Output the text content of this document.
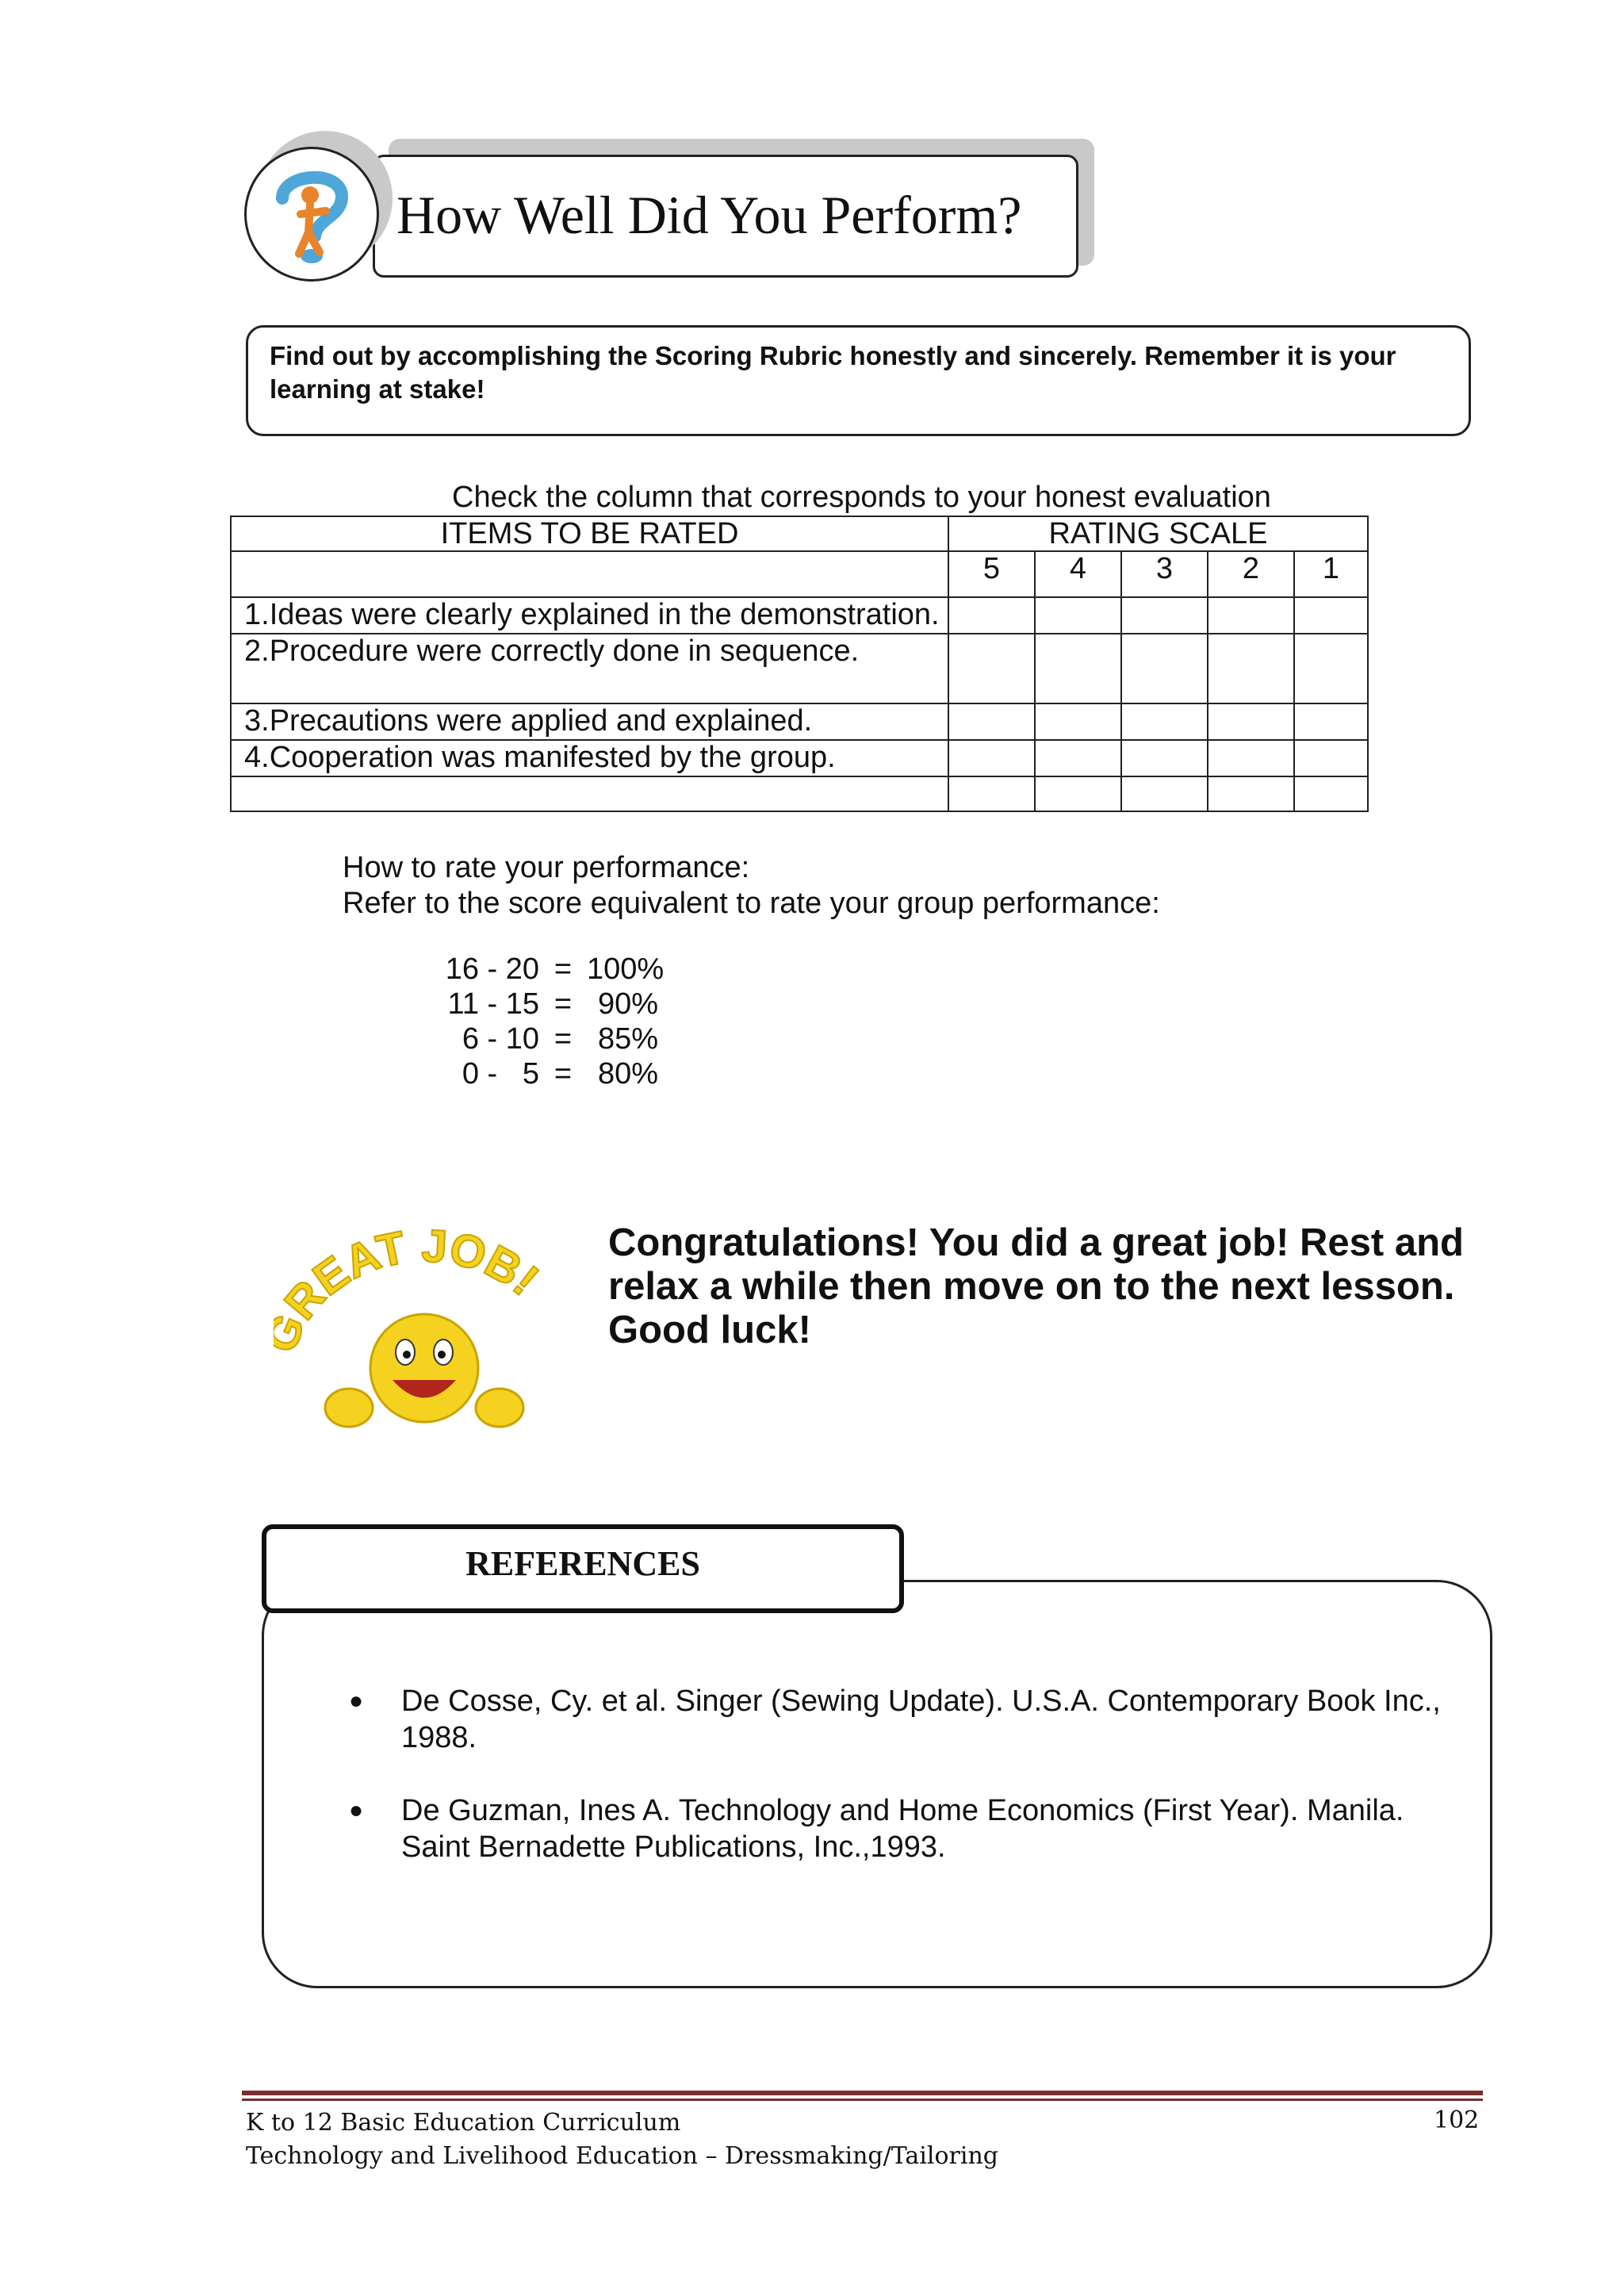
How Well Did You Perform?
Find out by accomplishing the Scoring Rubric honestly and sincerely. Remember it is your learning at stake!
Check the column that corresponds to your honest evaluation
ITEMS TO BE RATED	RATING SCALE				
	5	4	3	2	1
1.Ideas were clearly explained in the demonstration.					
2.Procedure were correctly done in sequence.					
3.Precautions were applied and explained.					
4.Cooperation was manifested by the group.					

How to rate your performance:
Refer to the score equivalent to rate your group performance:
16 - 20 = 100%
11 - 15 = 90%
6 - 10 = 85%
0 -   5 = 80%
REAT JOB!
Congratulations! You did a great job! Rest and relax a while then move on to the next lesson. Good luck!
REFERENCES
●	De Cosse, Cy. et al. Singer (Sewing Update). U.S.A. Contemporary Book Inc., 1988.
●	De Guzman, Ines A. Technology and Home Economics (First Year). Manila. Saint Bernadette Publications, Inc.,1993.
K to 12 Basic Education Curriculum
Technology and Livelihood Education – Dressmaking/Tailoring
102
